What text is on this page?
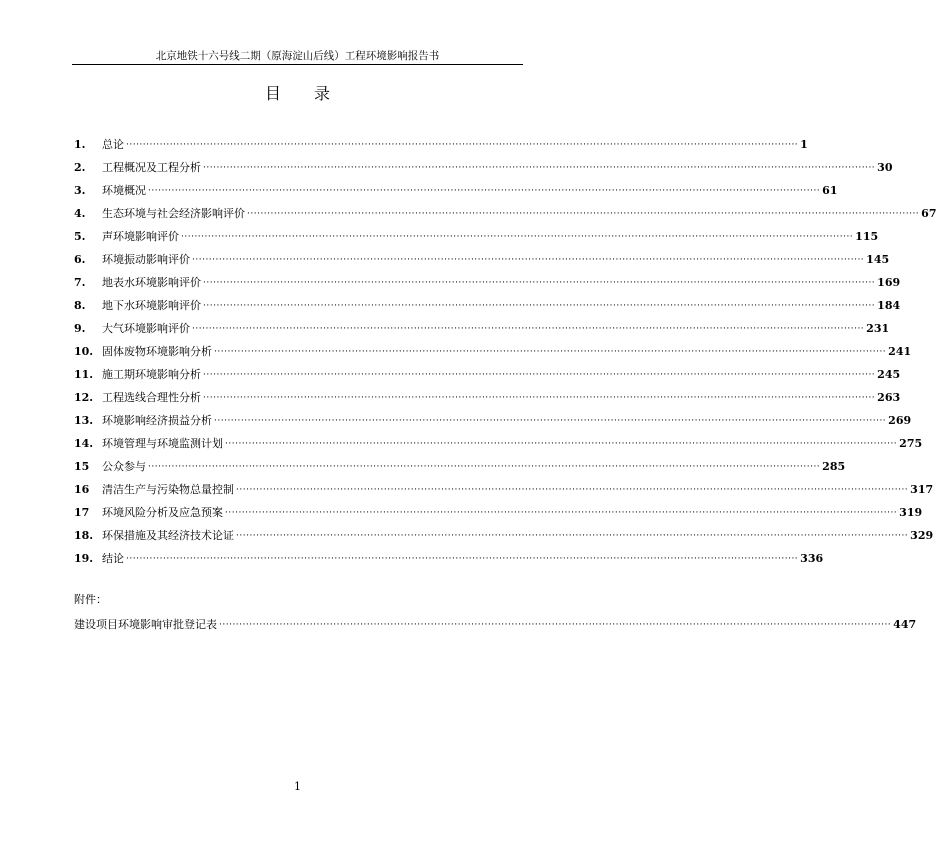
北京地铁十六号线二期（原海淀山后线）工程环境影响报告书
目 录
1.	总论 ········································································································································································································ 1
2.	工程概况及工程分析 ········································································································································································································ 30
3.	环境概况 ········································································································································································································ 61
4.	生态环境与社会经济影响评价 ········································································································································································································ 67
5.	声环境影响评价 ········································································································································································································ 115
6.	环境振动影响评价 ········································································································································································································ 145
7.	地表水环境影响评价 ········································································································································································································ 169
8.	地下水环境影响评价 ········································································································································································································ 184
9.	大气环境影响评价 ········································································································································································································ 231
10. 固体废物环境影响分析 ········································································································································································································ 241
11. 施工期环境影响分析 ········································································································································································································ 245
12. 工程选线合理性分析 ········································································································································································································ 263
13. 环境影响经济损益分析 ········································································································································································································ 269
14. 环境管理与环境监测计划 ········································································································································································································ 275
15	公众参与 ········································································································································································································ 285
16	清洁生产与污染物总量控制 ········································································································································································································ 317
17	环境风险分析及应急预案 ········································································································································································································ 319
18. 环保措施及其经济技术论证 ········································································································································································································ 329
19. 结论 ········································································································································································································ 336
附件：
建设项目环境影响审批登记表 ········································································································································································································ 447
1
